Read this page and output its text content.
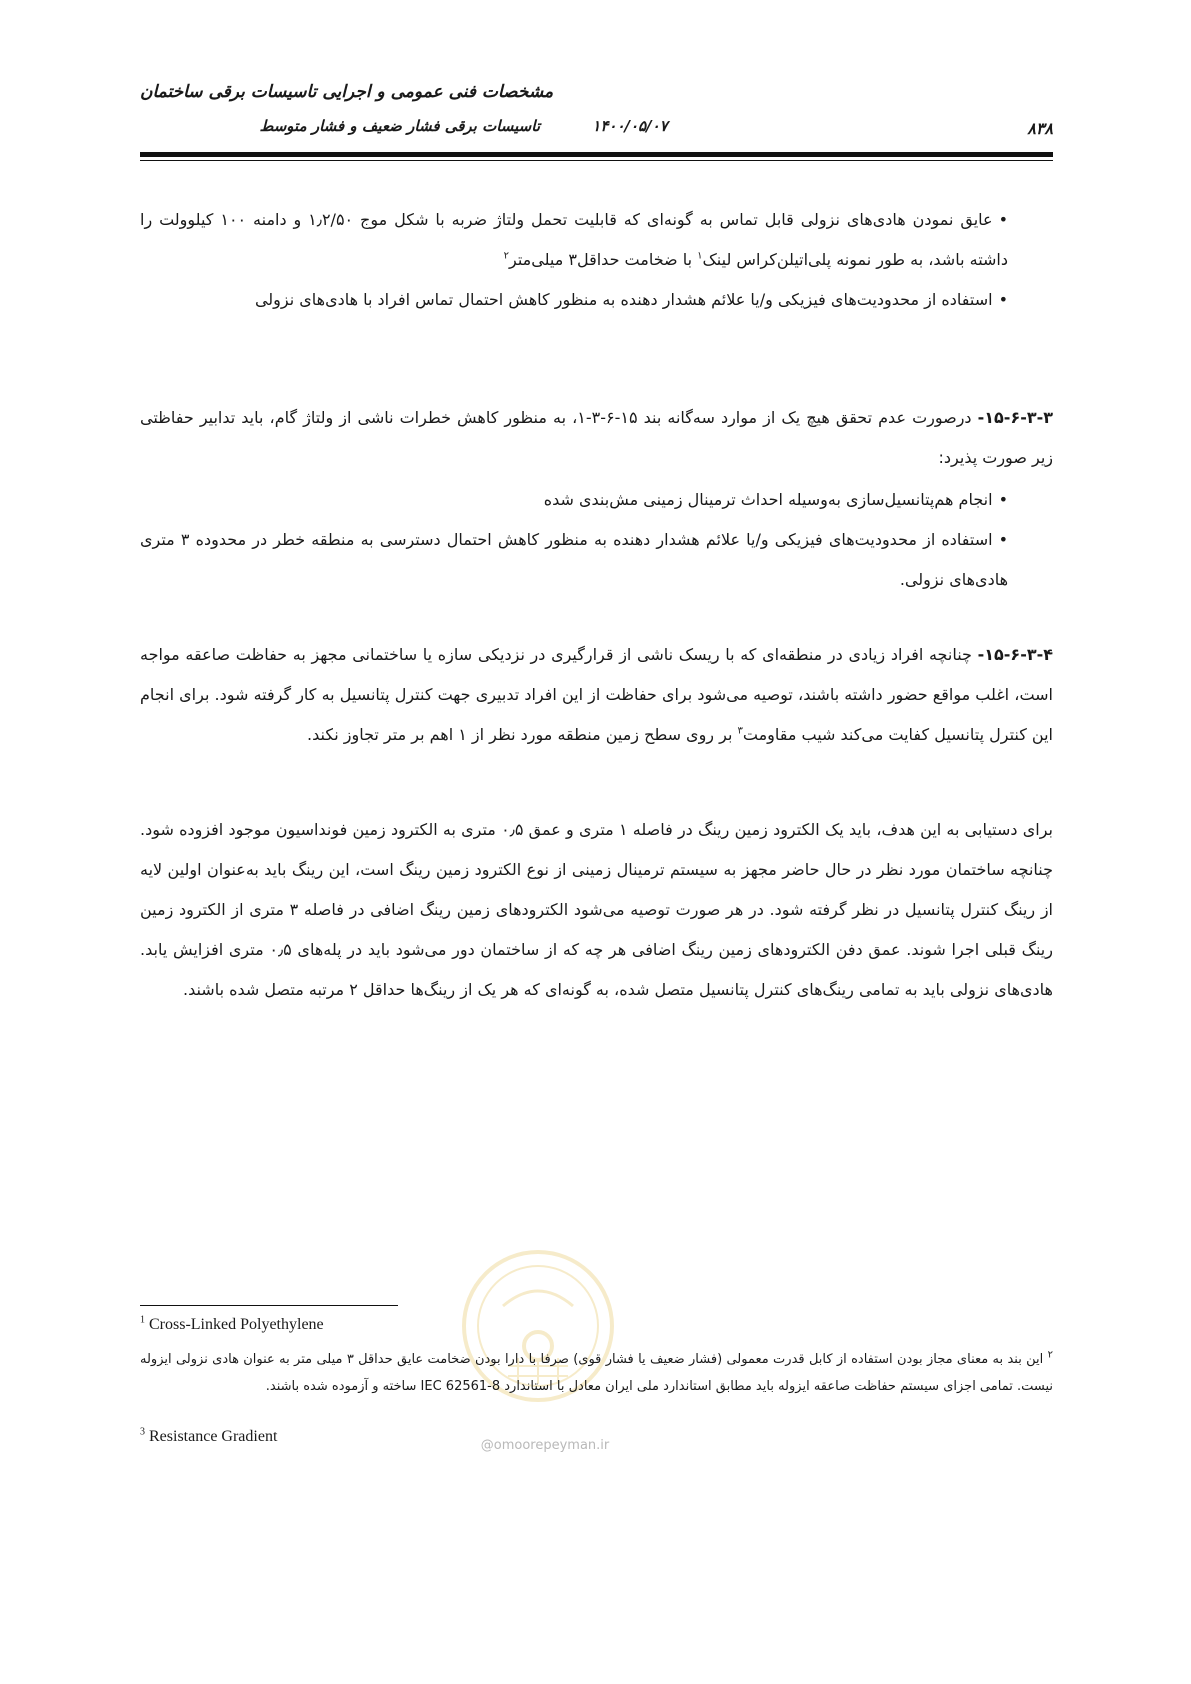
مشخصات فنی عمومی و اجرایی تاسیسات برقی ساختمان
تاسیسات برقی فشار ضعیف و فشار متوسط	۱۴۰۰/۰۵/۰۷	۸۳۸
• عایق نمودن هادی‌های نزولی قابل تماس به گونه‌ای که قابلیت تحمل ولتاژ ضربه با شکل موج ۱٫۲/۵۰ و دامنه ۱۰۰ کیلوولت را داشته باشد، به طور نمونه پلی‌اتیلن‌کراس لینک$^۱$ با ضخامت حداقل۳ میلی‌متر$^۲$
• استفاده از محدودیت‌های فیزیکی و/یا علائم هشدار دهنده به منظور کاهش احتمال تماس افراد با هادی‌های نزولی
۱۵-۶-۳-۳- درصورت عدم تحقق هیچ یک از موارد سه‌گانه بند ۱۵-۶-۳-۱، به منظور کاهش خطرات ناشی از ولتاژ گام، باید تدابیر حفاظتی زیر صورت پذیرد:
• انجام هم‌پتانسیل‌سازی به‌وسیله احداث ترمینال زمینی مش‌بندی شده
• استفاده از محدودیت‌های فیزیکی و/یا علائم هشدار دهنده به منظور کاهش احتمال دسترسی به منطقه خطر در محدوده ۳ متری هادی‌های نزولی.
۱۵-۶-۳-۴- چنانچه افراد زیادی در منطقه‌ای که با ریسک ناشی از قرارگیری در نزدیکی سازه یا ساختمانی مجهز به حفاظت صاعقه مواجه است، اغلب مواقع حضور داشته باشند، توصیه می‌شود برای حفاظت از این افراد تدبیری جهت کنترل پتانسیل به کار گرفته شود. برای انجام این کنترل پتانسیل کفایت می‌کند شیب مقاومت$^۳$ بر روی سطح زمین منطقه مورد نظر از ۱ اهم بر متر تجاوز نکند.
برای دستیابی به این هدف، باید یک الکترود زمین رینگ در فاصله ۱ متری و عمق ۰٫۵ متری به الکترود زمین فونداسیون موجود افزوده شود. چنانچه ساختمان مورد نظر در حال حاضر مجهز به سیستم ترمینال زمینی از نوع الکترود زمین رینگ است، این رینگ باید به‌عنوان اولین لایه از رینگ کنترل پتانسیل در نظر گرفته شود. در هر صورت توصیه می‌شود الکترودهای زمین رینگ اضافی در فاصله ۳ متری از الکترود زمین رینگ قبلی اجرا شوند. عمق دفن الکترودهای زمین رینگ اضافی هر چه که از ساختمان دور می‌شود باید در پله‌های ۰٫۵ متری افزایش یابد. هادی‌های نزولی باید به تمامی رینگ‌های کنترل پتانسیل متصل شده، به گونه‌ای که هر یک از رینگ‌ها حداقل ۲ مرتبه متصل شده باشند.
@omoorepeyman.ir
$^1$ Cross-Linked Polyethylene
$^۲$ این بند به معنای مجاز بودن استفاده از کابل قدرت معمولی (فشار ضعیف یا فشار قوی) صرفا با دارا بودن ضخامت عایق حداقل ۳ میلی متر به عنوان هادی نزولی ایزوله نیست. تمامی اجزای سیستم حفاظت صاعقه ایزوله باید مطابق استاندارد ملی ایران معادل با استاندارد IEC 62561-8 ساخته و آزموده شده باشند.
$^3$ Resistance Gradient
